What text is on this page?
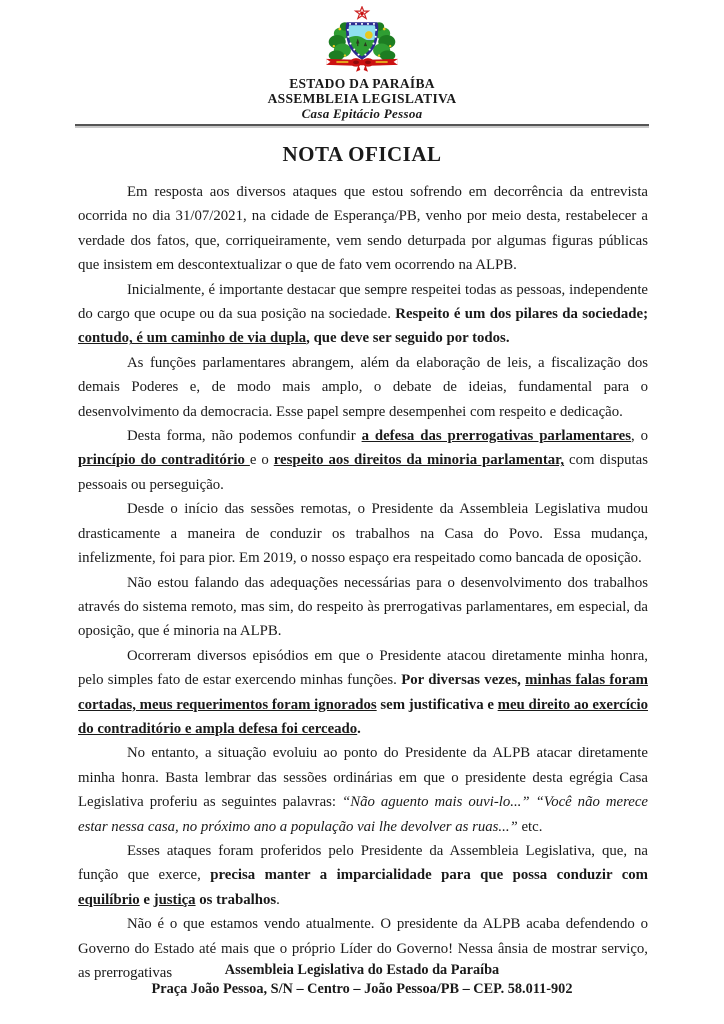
ESTADO DA PARAÍBA
ASSEMBLEIA LEGISLATIVA
Casa Epitácio Pessoa
NOTA OFICIAL

Em resposta aos diversos ataques que estou sofrendo em decorrência da entrevista ocorrida no dia 31/07/2021, na cidade de Esperança/PB, venho por meio desta, restabelecer a verdade dos fatos, que, corriqueiramente, vem sendo deturpada por algumas figuras públicas que insistem em descontextualizar o que de fato vem ocorrendo na ALPB.

Inicialmente, é importante destacar que sempre respeitei todas as pessoas, independente do cargo que ocupe ou da sua posição na sociedade. Respeito é um dos pilares da sociedade; contudo, é um caminho de via dupla, que deve ser seguido por todos.

As funções parlamentares abrangem, além da elaboração de leis, a fiscalização dos demais Poderes e, de modo mais amplo, o debate de ideias, fundamental para o desenvolvimento da democracia. Esse papel sempre desempenhei com respeito e dedicação.

Desta forma, não podemos confundir a defesa das prerrogativas parlamentares, o princípio do contraditório e o respeito aos direitos da minoria parlamentar, com disputas pessoais ou perseguição.

Desde o início das sessões remotas, o Presidente da Assembleia Legislativa mudou drasticamente a maneira de conduzir os trabalhos na Casa do Povo. Essa mudança, infelizmente, foi para pior. Em 2019, o nosso espaço era respeitado como bancada de oposição.

Não estou falando das adequações necessárias para o desenvolvimento dos trabalhos através do sistema remoto, mas sim, do respeito às prerrogativas parlamentares, em especial, da oposição, que é minoria na ALPB.

Ocorreram diversos episódios em que o Presidente atacou diretamente minha honra, pelo simples fato de estar exercendo minhas funções. Por diversas vezes, minhas falas foram cortadas, meus requerimentos foram ignorados sem justificativa e meu direito ao exercício do contraditório e ampla defesa foi cerceado.

No entanto, a situação evoluiu ao ponto do Presidente da ALPB atacar diretamente minha honra. Basta lembrar das sessões ordinárias em que o presidente desta egrégia Casa Legislativa proferiu as seguintes palavras: “Não aguento mais ouvi-lo...” “Você não merece estar nessa casa, no próximo ano a população vai lhe devolver as ruas...” etc.

Esses ataques foram proferidos pelo Presidente da Assembleia Legislativa, que, na função que exerce, precisa manter a imparcialidade para que possa conduzir com equilíbrio e justiça os trabalhos.

Não é o que estamos vendo atualmente. O presidente da ALPB acaba defendendo o Governo do Estado até mais que o próprio Líder do Governo! Nessa ânsia de mostrar serviço, as prerrogativas	Assembleia Legislativa do Estado da Paraíba
Praça João Pessoa, S/N – Centro – João Pessoa/PB – CEP. 58.011-902
